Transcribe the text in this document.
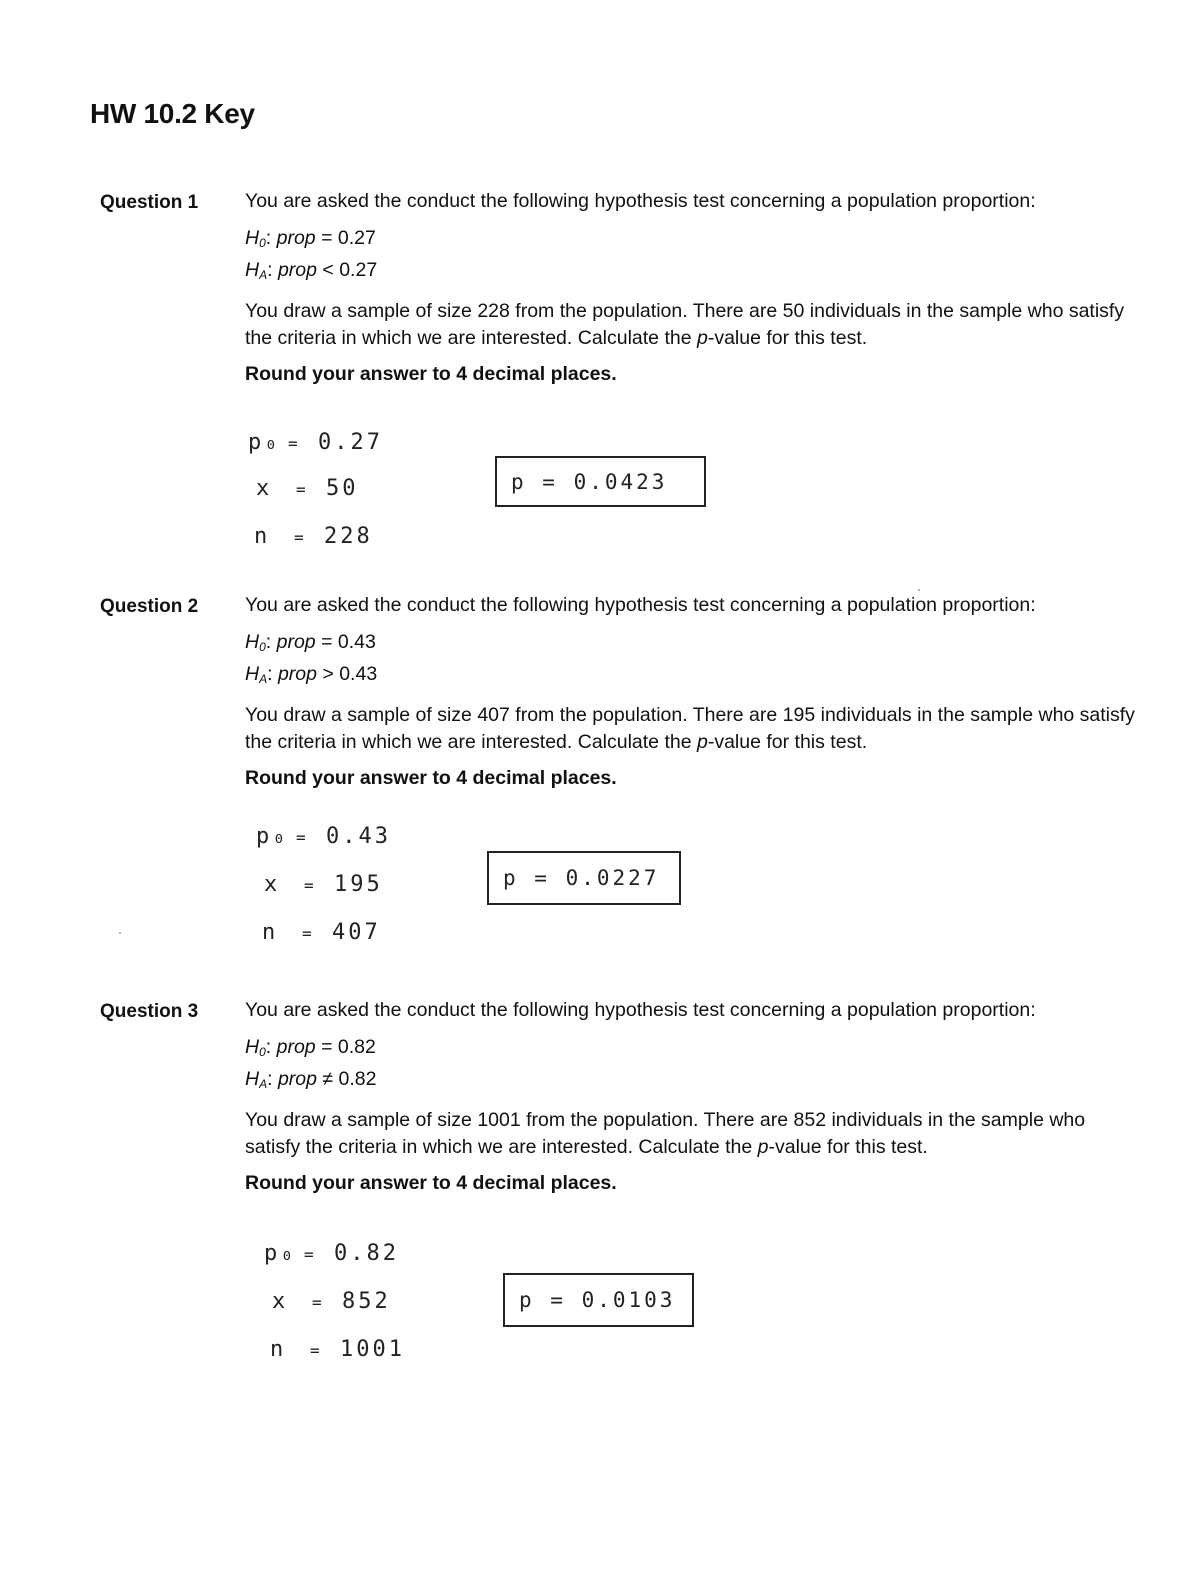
HW 10.2 Key
Question 1 You are asked the conduct the following hypothesis test concerning a population proportion:

$H_0$: prop = 0.27
$H_A$: prop < 0.27

You draw a sample of size 228 from the population. There are 50 individuals in the sample who satisfy the criteria in which we are interested. Calculate the p-value for this test.

Round your answer to 4 decimal places.

p₀ = 0.27
x = 50
n = 228
p = 0.0423
Question 2 You are asked the conduct the following hypothesis test concerning a population proportion:

$H_0$: prop = 0.43
$H_A$: prop > 0.43

You draw a sample of size 407 from the population. There are 195 individuals in the sample who satisfy the criteria in which we are interested. Calculate the p-value for this test.

Round your answer to 4 decimal places.

p₀ = 0.43
x = 195
n = 407
p = 0.0227
Question 3 You are asked the conduct the following hypothesis test concerning a population proportion:

$H_0$: prop = 0.82
$H_A$: prop ≠ 0.82

You draw a sample of size 1001 from the population. There are 852 individuals in the sample who satisfy the criteria in which we are interested. Calculate the p-value for this test.

Round your answer to 4 decimal places.

p₀ = 0.82
x = 852
n = 1001
p = 0.0103
